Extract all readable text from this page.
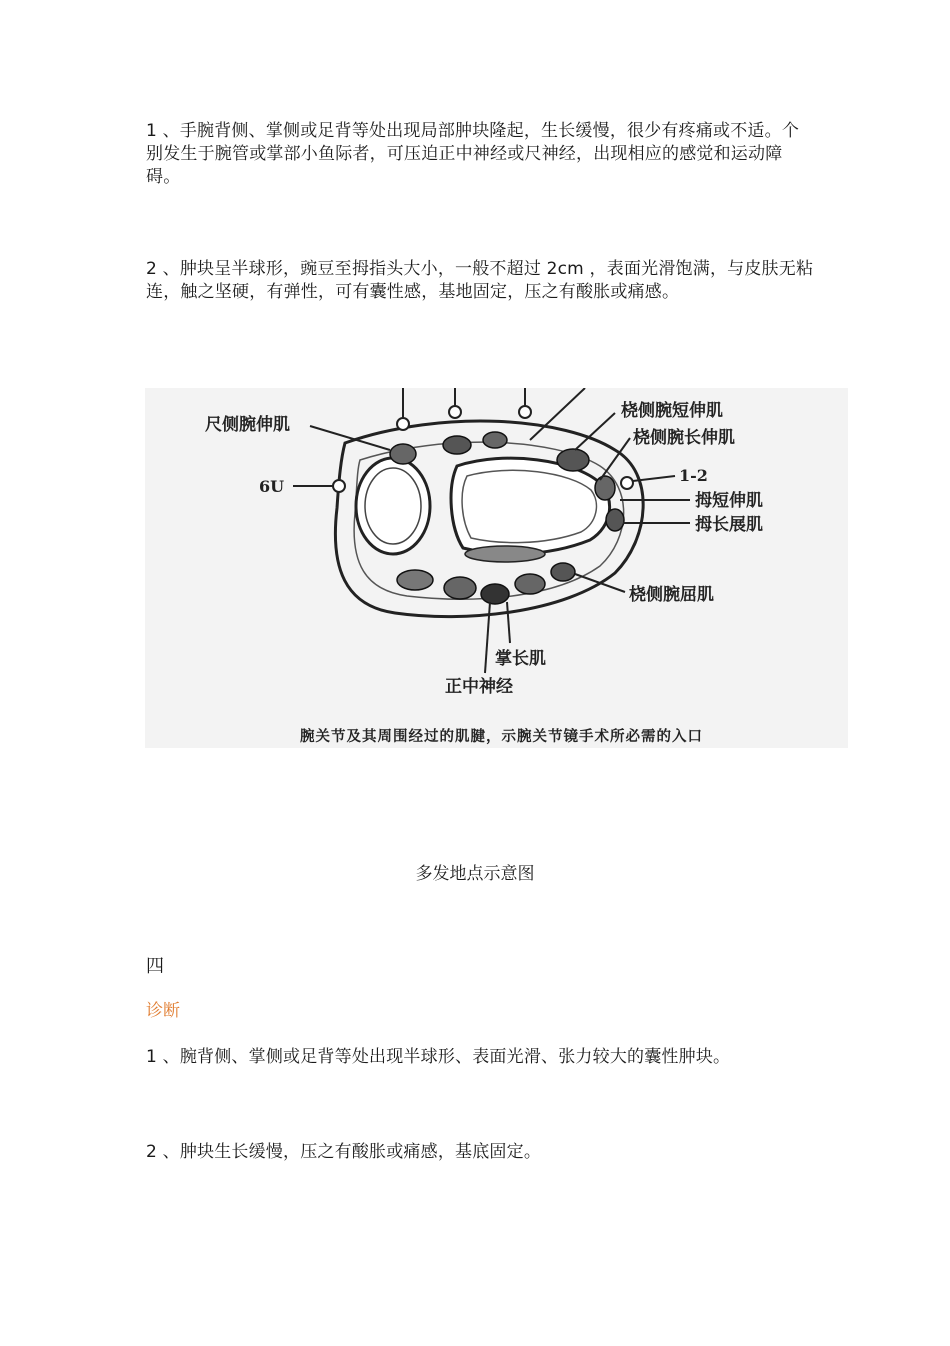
1 、手腕背侧、掌侧或足背等处出现局部肿块隆起，生长缓慢，很少有疼痛或不适。个别发生于腕管或掌部小鱼际者，可压迫正中神经或尺神经，出现相应的感觉和运动障碍。

2 、肿块呈半球形，豌豆至拇指头大小，一般不超过 2cm ，表面光滑饱满，与皮肤无粘连，触之坚硬，有弹性，可有囊性感，基地固定，压之有酸胀或痛感。

尺侧腕伸肌
桡侧腕短伸肌
桡侧腕长伸肌
6U
1-2
拇短伸肌
拇长展肌
桡侧腕屈肌
掌长肌
正中神经
腕关节及其周围经过的肌腱，示腕关节镜手术所必需的入口
多发地点示意图
四
诊断

1 、腕背侧、掌侧或足背等处出现半球形、表面光滑、张力较大的囊性肿块。

2 、肿块生长缓慢，压之有酸胀或痛感，基底固定。
